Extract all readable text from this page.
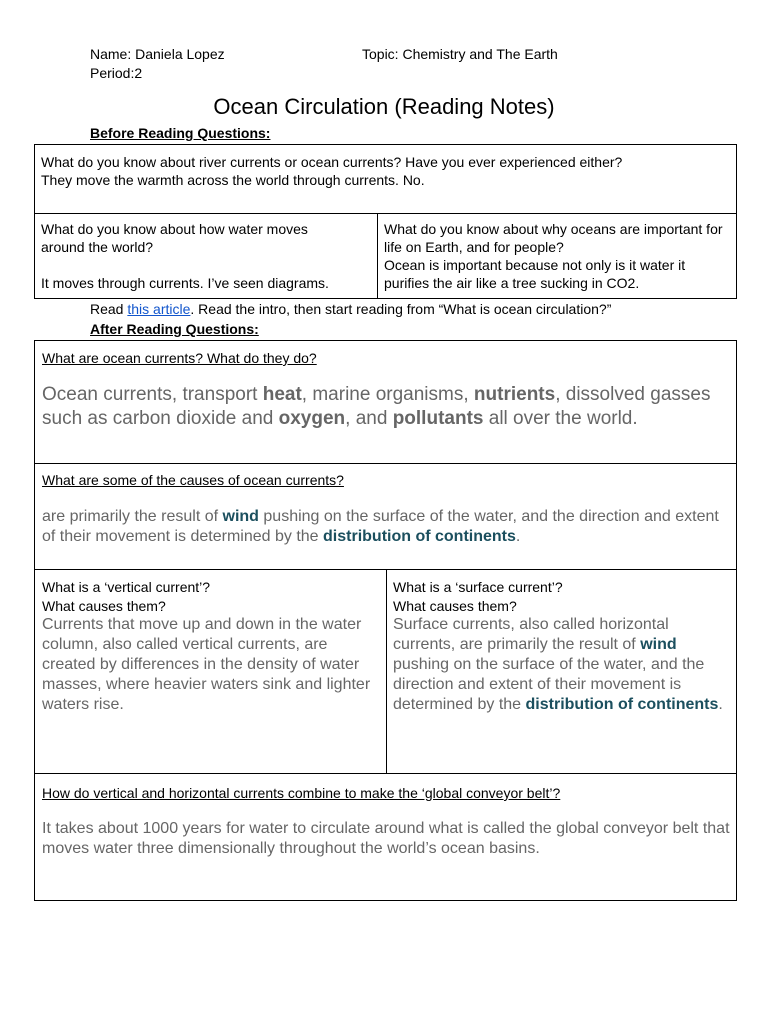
Name: Daniela Lopez
Period:2
Topic: Chemistry and The Earth
Ocean Circulation (Reading Notes)
Before Reading Questions:
What do you know about river currents or ocean currents? Have you ever experienced either?
They move the warmth across the world through currents. No.
What do you know about how water moves around the world?
It moves through currents. I’ve seen diagrams.
What do you know about why oceans are important for life on Earth, and for people?
Ocean is important because not only is it water it purifies the air like a tree sucking in CO2.
Read this article. Read the intro, then start reading from “What is ocean circulation?”
After Reading Questions:
What are ocean currents? What do they do?
Ocean currents, transport heat, marine organisms, nutrients, dissolved gasses such as carbon dioxide and oxygen, and pollutants all over the world.
What are some of the causes of ocean currents?
are primarily the result of wind pushing on the surface of the water, and the direction and extent of their movement is determined by the distribution of continents.
What is a ‘vertical current’?
What causes them?
Currents that move up and down in the water column, also called vertical currents, are created by differences in the density of water masses, where heavier waters sink and lighter waters rise.
What is a ‘surface current’?
What causes them?
Surface currents, also called horizontal currents, are primarily the result of wind pushing on the surface of the water, and the direction and extent of their movement is determined by the distribution of continents.
How do vertical and horizontal currents combine to make the ‘global conveyor belt’?
It takes about 1000 years for water to circulate around what is called the global conveyor belt that moves water three dimensionally throughout the world’s ocean basins.
